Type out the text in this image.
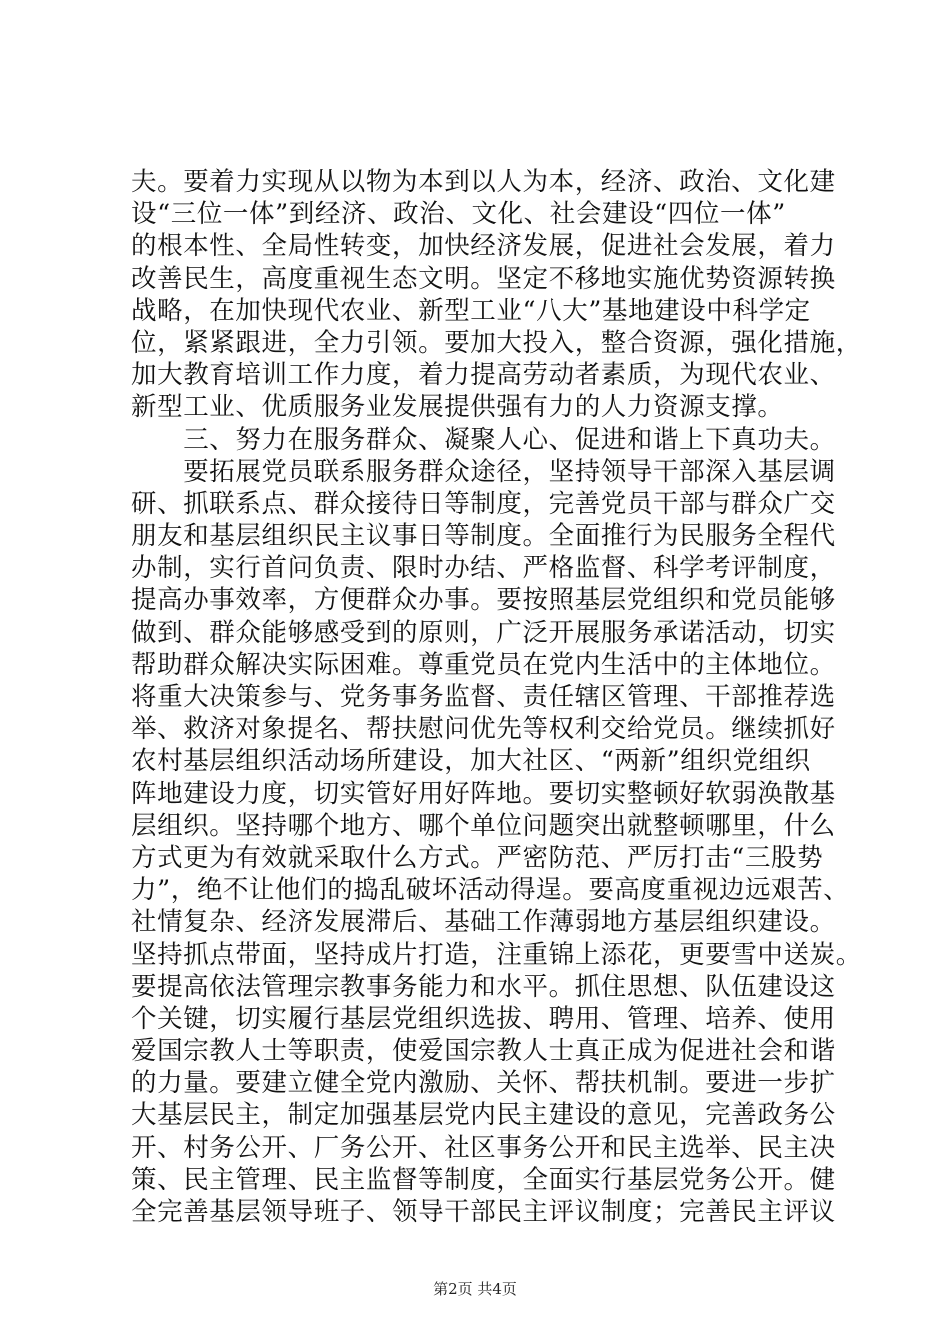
夫。要着力实现从以物为本到以人为本，经济、政治、文化建
设“三位一体”到经济、政治、文化、社会建设“四位一体”
的根本性、全局性转变，加快经济发展，促进社会发展，着力
改善民生，高度重视生态文明。坚定不移地实施优势资源转换
战略，在加快现代农业、新型工业“八大”基地建设中科学定
位，紧紧跟进，全力引领。要加大投入，整合资源，强化措施，
加大教育培训工作力度，着力提高劳动者素质，为现代农业、
新型工业、优质服务业发展提供强有力的人力资源支撑。
　　三、努力在服务群众、凝聚人心、促进和谐上下真功夫。
　　要拓展党员联系服务群众途径，坚持领导干部深入基层调
研、抓联系点、群众接待日等制度，完善党员干部与群众广交
朋友和基层组织民主议事日等制度。全面推行为民服务全程代
办制，实行首问负责、限时办结、严格监督、科学考评制度，
提高办事效率，方便群众办事。要按照基层党组织和党员能够
做到、群众能够感受到的原则，广泛开展服务承诺活动，切实
帮助群众解决实际困难。尊重党员在党内生活中的主体地位。
将重大决策参与、党务事务监督、责任辖区管理、干部推荐选
举、救济对象提名、帮扶慰问优先等权利交给党员。继续抓好
农村基层组织活动场所建设，加大社区、“两新”组织党组织
阵地建设力度，切实管好用好阵地。要切实整顿好软弱涣散基
层组织。坚持哪个地方、哪个单位问题突出就整顿哪里，什么
方式更为有效就采取什么方式。严密防范、严厉打击“三股势
力”，绝不让他们的捣乱破坏活动得逞。要高度重视边远艰苦、
社情复杂、经济发展滞后、基础工作薄弱地方基层组织建设。
坚持抓点带面，坚持成片打造，注重锦上添花，更要雪中送炭。
要提高依法管理宗教事务能力和水平。抓住思想、队伍建设这
个关键，切实履行基层党组织选拔、聘用、管理、培养、使用
爱国宗教人士等职责，使爱国宗教人士真正成为促进社会和谐
的力量。要建立健全党内激励、关怀、帮扶机制。要进一步扩
大基层民主，制定加强基层党内民主建设的意见，完善政务公
开、村务公开、厂务公开、社区事务公开和民主选举、民主决
策、民主管理、民主监督等制度，全面实行基层党务公开。健
全完善基层领导班子、领导干部民主评议制度；完善民主评议
第2页 共4页
